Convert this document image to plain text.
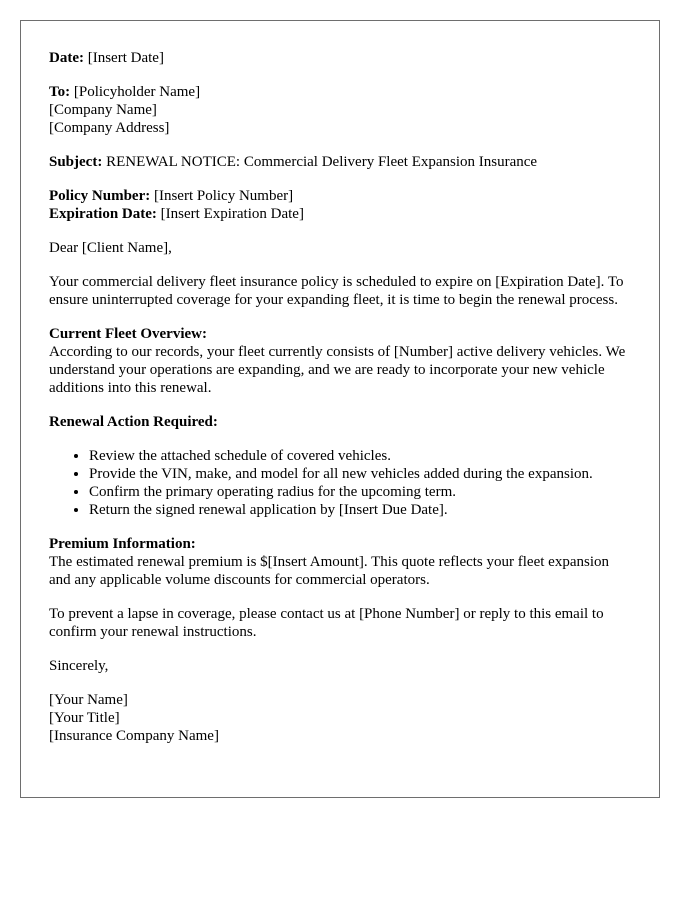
Date: [Insert Date]

To: [Policyholder Name]
[Company Name]
[Company Address]

Subject: RENEWAL NOTICE: Commercial Delivery Fleet Expansion Insurance

Policy Number: [Insert Policy Number]
Expiration Date: [Insert Expiration Date]

Dear [Client Name],

Your commercial delivery fleet insurance policy is scheduled to expire on [Expiration Date]. To ensure uninterrupted coverage for your expanding fleet, it is time to begin the renewal process.

Current Fleet Overview:
According to our records, your fleet currently consists of [Number] active delivery vehicles. We understand your operations are expanding, and we are ready to incorporate your new vehicle additions into this renewal.

Renewal Action Required:

• Review the attached schedule of covered vehicles.
• Provide the VIN, make, and model for all new vehicles added during the expansion.
• Confirm the primary operating radius for the upcoming term.
• Return the signed renewal application by [Insert Due Date].

Premium Information:
The estimated renewal premium is $[Insert Amount]. This quote reflects your fleet expansion and any applicable volume discounts for commercial operators.

To prevent a lapse in coverage, please contact us at [Phone Number] or reply to this email to confirm your renewal instructions.

Sincerely,

[Your Name]
[Your Title]
[Insurance Company Name]
